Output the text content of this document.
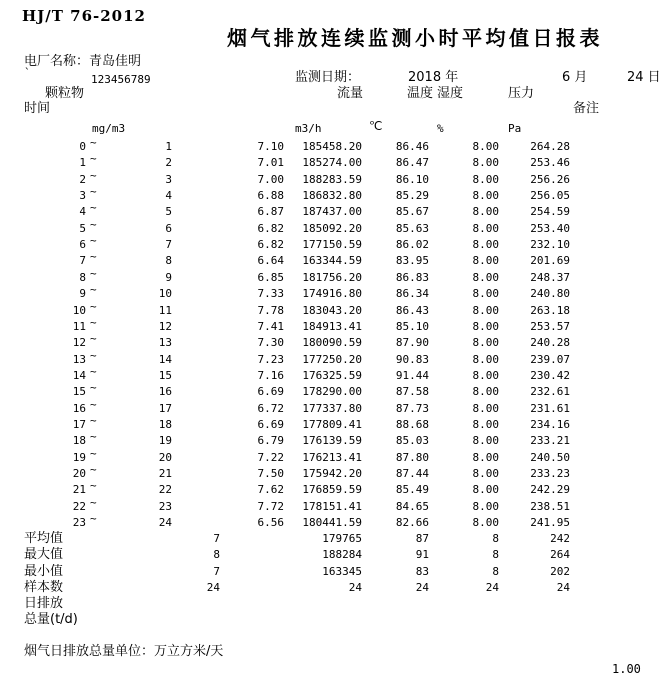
HJ/T 76-2012
烟气排放连续监测小时平均值日报表
电厂名称：青岛佳明
`
123456789	监测日期：	2018 年	6 月	24 日
颗粒物	流量	温度 湿度	压力
时间	备注
mg/m3	m3/h	℃	%	Pa
0 ~	1	7.10	185458.20	86.46	8.00	264.28
1 ~	2	7.01	185274.00	86.47	8.00	253.46
2 ~	3	7.00	188283.59	86.10	8.00	256.26
3 ~	4	6.88	186832.80	85.29	8.00	256.05
4 ~	5	6.87	187437.00	85.67	8.00	254.59
5 ~	6	6.82	185092.20	85.63	8.00	253.40
6 ~	7	6.82	177150.59	86.02	8.00	232.10
7 ~	8	6.64	163344.59	83.95	8.00	201.69
8 ~	9	6.85	181756.20	86.83	8.00	248.37
9 ~	10	7.33	174916.80	86.34	8.00	240.80
10 ~	11	7.78	183043.20	86.43	8.00	263.18
11 ~	12	7.41	184913.41	85.10	8.00	253.57
12 ~	13	7.30	180090.59	87.90	8.00	240.28
13 ~	14	7.23	177250.20	90.83	8.00	239.07
14 ~	15	7.16	176325.59	91.44	8.00	230.42
15 ~	16	6.69	178290.00	87.58	8.00	232.61
16 ~	17	6.72	177337.80	87.73	8.00	231.61
17 ~	18	6.69	177809.41	88.68	8.00	234.16
18 ~	19	6.79	176139.59	85.03	8.00	233.21
19 ~	20	7.22	176213.41	87.80	8.00	240.50
20 ~	21	7.50	175942.20	87.44	8.00	233.23
21 ~	22	7.62	176859.59	85.49	8.00	242.29
22 ~	23	7.72	178151.41	84.65	8.00	238.51
23 ~	24	6.56	180441.59	82.66	8.00	241.95
平均值	7	179765	87	8	242
最大值	8	188284	91	8	264
最小值	7	163345	83	8	202
样本数	24	24	24	24	24
日排放
总量(t/d)
烟气日排放总量单位：万立方米/天
1.00
